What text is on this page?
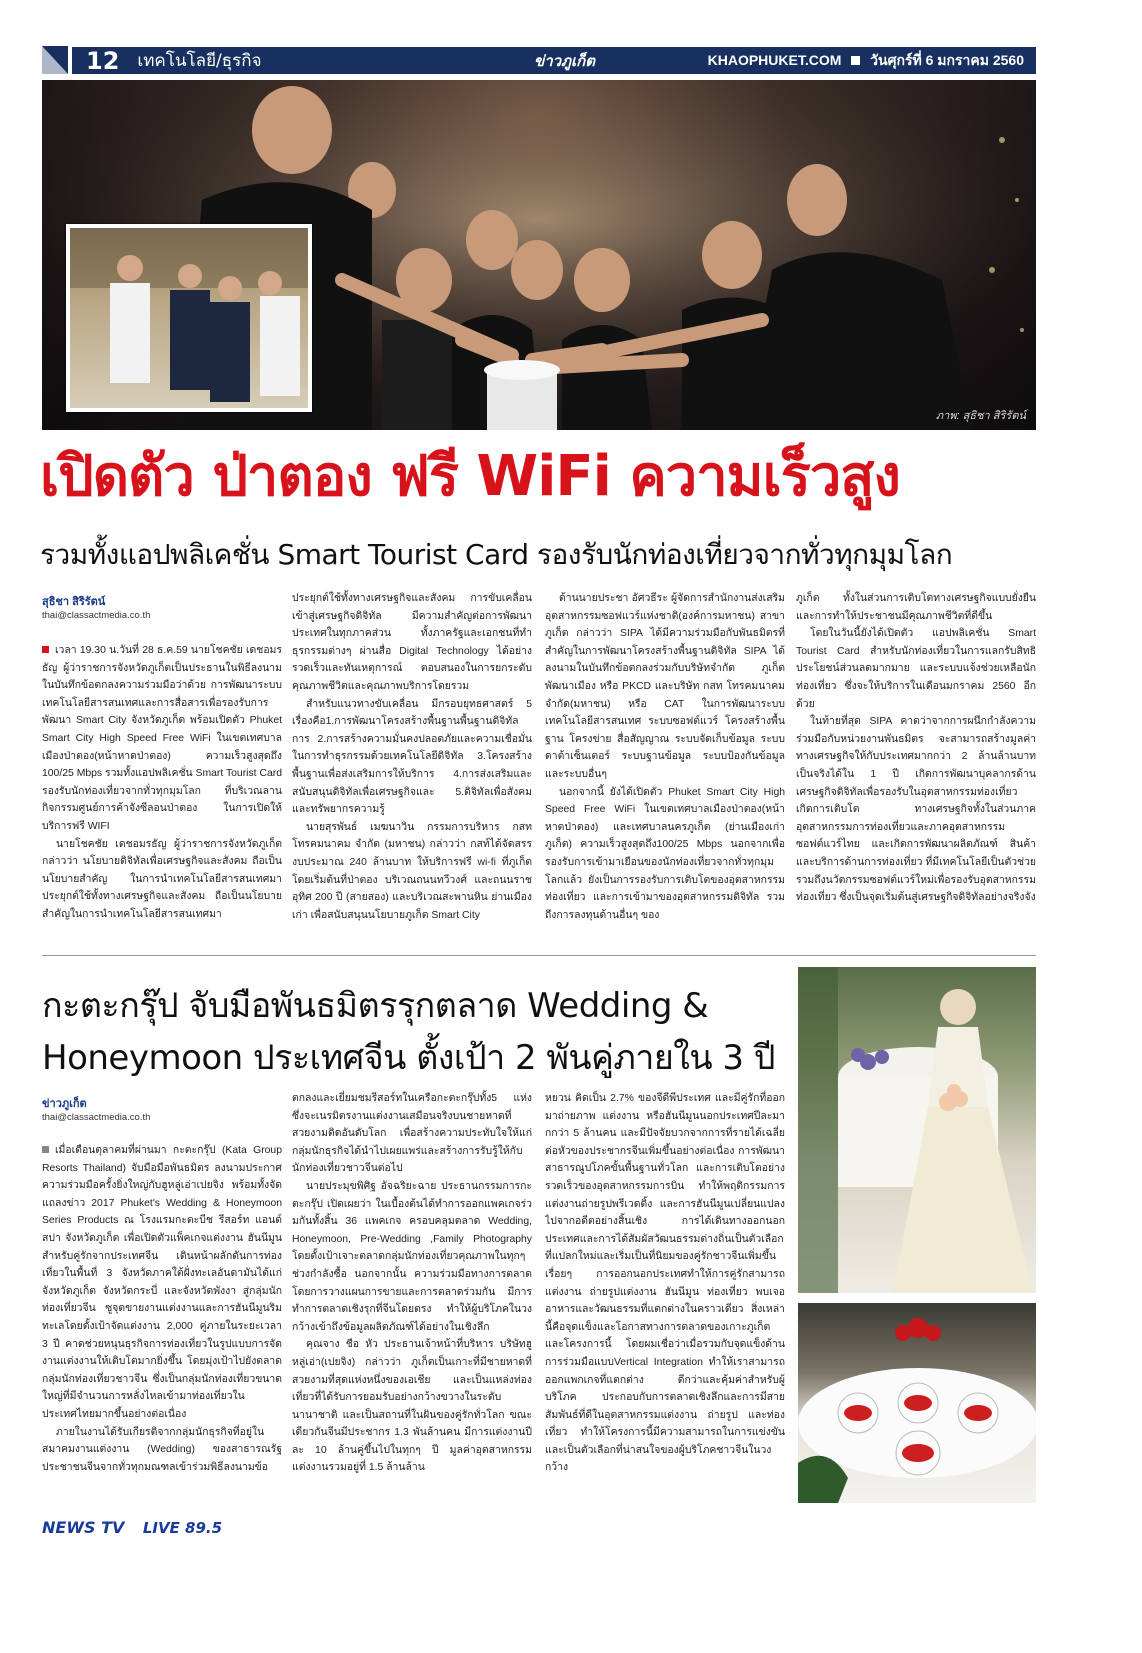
12 เทคโนโลยี/ธุรกิจ	ข่าวภูเก็ต	KHAOPHUKET.COM วันศุกร์ที่ 6 มกราคม 2560
ภาพ: สุธิชา สิริรัตน์
เปิดตัว ป่าตอง ฟรี WiFi ความเร็วสูง
รวมทั้งแอปพลิเคชั่น Smart Tourist Card รองรับนักท่องเที่ยวจากทั่วทุกมุมโลก
สุธิชา สิริรัตน์
thai@classactmedia.co.th

เวลา 19.30 น.วันที่ 28 ธ.ค.59 นายโชคชัย เดชอมรธัญ ผู้ว่าราชการจังหวัดภูเก็ตเป็นประธานในพิธีลงนามในบันทึกข้อตกลงความร่วมมือว่าด้วย การพัฒนาระบบเทคโนโลยีสารสนเทศและการสื่อสารเพื่อรองรับการพัฒนา Smart City จังหวัดภูเก็ต พร้อมเปิดตัว Phuket Smart City High Speed Free WiFi ในเขตเทศบาลเมืองป่าตอง(หน้าหาดป่าตอง) ความเร็วสูงสุดถึง 100/25 Mbps รวมทั้งแอปพลิเคชั่น Smart Tourist Card รองรับนักท่องเที่ยวจากทั่วทุกมุมโลก ที่บริเวณลานกิจกรรมศูนย์การค้าจังซีลอนป่าตอง ในการเปิดให้บริการฟรี WIFI

นายโชคชัย เดชอมรธัญ ผู้ว่าราชการจังหวัดภูเก็ต กล่าวว่า นโยบายดิจิทัลเพื่อเศรษฐกิจและสังคม ถือเป็นนโยบายสำคัญ ในการนำเทคโนโลยีสารสนเทศมาประยุกต์ใช้ทั้งทางเศรษฐกิจและสังคม ถือเป็นนโยบายสำคัญในการนำเทคโนโลยีสารสนเทศมา

ประยุกต์ใช้ทั้งทางเศรษฐกิจและสังคม การขับเคลื่อนเข้าสู่เศรษฐกิจดิจิทัล มีความสำคัญต่อการพัฒนาประเทศในทุกภาคส่วน ทั้งภาครัฐและเอกชนที่ทำธุรกรรมต่างๆ ผ่านสื่อ Digital Technology ได้อย่างรวดเร็วและทันเหตุการณ์ ตอบสนองในการยกระดับคุณภาพชีวิตและคุณภาพบริการโดยรวม

สำหรับแนวทางขับเคลื่อน มีกรอบยุทธศาสตร์ 5 เรื่องคือ1.การพัฒนาโครงสร้างพื้นฐานพื้นฐานดิจิทัล การ 2.การสร้างความมั่นคงปลอดภัยและความเชื่อมั่นในการทำธุรกรรมด้วยเทคโนโลยีดิจิทัล 3.โครงสร้างพื้นฐานเพื่อส่งเสริมการให้บริการ 4.การส่งเสริมและสนับสนุนดิจิทัลเพื่อเศรษฐกิจและ 5.ดิจิทัลเพื่อสังคมและทรัพยากรความรู้

นายสุรพันธ์ เมฆนาวิน กรรมการบริหาร กสท โทรคมนาคม จำกัด (มหาชน) กล่าวว่า กสท์ได้จัดสรรงบประมาณ 240 ล้านบาท ให้บริการฟรี wi-fi ที่ภูเก็ต โดยเริ่มต้นที่ป่าตอง บริเวณถนนทวีวงศ์ และถนนราชอุทิศ 200 ปี (สายสอง) และบริเวณสะพานหิน ย่านเมืองเก่า เพื่อสนับสนุนนโยบายภูเก็ต Smart City

ด้านนายประชา อัศวธีระ ผู้จัดการสำนักงานส่งเสริมอุตสาหกรรมซอฟแวร์แห่งชาติ(องค์การมหาชน) สาขาภูเก็ต กล่าวว่า SIPA ได้มีความร่วมมือกับพันธมิตรที่สำคัญในการพัฒนาโครงสร้างพื้นฐานดิจิทัล SIPA ได้ลงนามในบันทึกข้อตกลงร่วมกับบริษัทจำกัด ภูเก็ตพัฒนาเมือง หรือ PKCD และบริษัท กสท โทรคมนาคม จำกัด(มหาชน) หรือ CAT ในการพัฒนาระบบเทคโนโลยีสารสนเทศ ระบบซอฟต์แวร์ โครงสร้างพื้นฐาน โครงข่าย สื่อสัญญาณ ระบบจัดเก็บข้อมูล ระบบดาต้าเซ็นเตอร์ ระบบฐานข้อมูล ระบบป้องกันข้อมูล และระบบอื่นๆ

นอกจากนี้ ยังได้เปิดตัว Phuket Smart City High Speed Free WiFi ในเขตเทศบาลเมืองป่าตอง(หน้าหาดป่าตอง) และเทศบาลนครภูเก็ต (ย่านเมืองเก่าภูเก็ต) ความเร็วสูงสุดถึง100/25 Mbps นอกจากเพื่อรองรับการเข้ามาเยือนของนักท่องเที่ยวจากทั่วทุกมุมโลกแล้ว ยังเป็นการรองรับการเติบโตของอุตสาหกรรมท่องเที่ยว และการเข้ามาของอุตสาหกรรมดิจิทัล รวมถึงการลงทุนด้านอื่นๆ ของ

ภูเก็ต ทั้งในส่วนการเติบโตทางเศรษฐกิจแบบยั่งยืน และการทำให้ประชาชนมีคุณภาพชีวิตที่ดีขึ้น

โดยในวันนี้ยังได้เปิดตัว แอปพลิเคชั่น Smart Tourist Card สำหรับนักท่องเที่ยวในการแลกรับสิทธิประโยชน์ส่วนลดมากมาย และระบบแจ้งช่วยเหลือนักท่องเที่ยว ซึ่งจะให้บริการในเดือนมกราคม 2560 อีกด้วย

ในท้ายที่สุด SIPA คาดว่าจากการผนึกกำลังความร่วมมือกับหน่วยงานพันธมิตร จะสามารถสร้างมูลค่าทางเศรษฐกิจให้กับประเทศมากกว่า 2 ล้านล้านบาท เป็นจริงได้ใน 1 ปี เกิดการพัฒนาบุคลากรด้านเศรษฐกิจดิจิทัลเพื่อรองรับในอุตสาหกรรมท่องเที่ยว เกิดการเติบโต ทางเศรษฐกิจทั้งในส่วนภาคอุตสาหกรรมการท่องเที่ยวและภาคอุตสาหกรรมซอฟต์แวร์ไทย และเกิดการพัฒนาผลิตภัณฑ์ สินค้าและบริการด้านการท่องเที่ยว ที่มีเทคโนโลยีเป็นตัวช่วย รวมถึงนวัตกรรมซอฟต์แวร์ใหม่เพื่อรองรับอุตสาหกรรมท่องเที่ยว ซึ่งเป็นจุดเริ่มต้นสู่เศรษฐกิจดิจิทัลอย่างจริงจัง

กะตะกรุ๊ป จับมือพันธมิตรรุกตลาด Wedding &
Honeymoon ประเทศจีน ตั้งเป้า 2 พันคู่ภายใน 3 ปี
ข่าวภูเก็ต
thai@classactmedia.co.th

เมื่อเดือนตุลาคมที่ผ่านมา กะตะกรุ๊ป (Kata Group Resorts Thailand) จับมือมือพันธมิตร ลงนามประกาศความร่วมมือครั้งยิ่งใหญ่กับฮูหลู่เอ่าเปยจิง พร้อมทั้งจัดแถลงข่าว 2017 Phuket's Wedding & Honeymoon Series Products ณ โรงแรมกะตะบีช รีสอร์ท แอนด์ สปา จังหวัดภูเก็ต เพื่อเปิดตัวแพ็คเกจแต่งงาน ฮันนีมูนสำหรับคู่รักจากประเทศจีน เดินหน้าผลักดันการท่องเที่ยวในพื้นที่ 3 จังหวัดภาคใต้ฝั่งทะเลอันดามันได้แก่ จังหวัดภูเก็ต จังหวัดกระบี่ และจังหวัดพังงา สู่กลุ่มนักท่องเที่ยวจีน ซูจุดขายงานแต่งงานและการฮันนีมูนริมทะเลโดยตั้งเป้าจัดแต่งงาน 2,000 คู่ภายในระยะเวลา 3 ปี คาดช่วยหนุนธุรกิจการท่องเที่ยวในรูปแบบการจัดงานแต่งงานให้เติบโตมากยิ่งขึ้น โดยมุ่งเป้าไปยังตลาดกลุ่มนักท่องเที่ยวชาวจีน ซึ่งเป็นกลุ่มนักท่องเที่ยวขนาดใหญ่ที่มีจำนวนการหลั่งไหลเข้ามาท่องเที่ยวในประเทศไทยมากขึ้นอย่างต่อเนื่อง

ภายในงานได้รับเกียรติจากกลุ่มนักธุรกิจที่อยู่ในสมาคมงานแต่งงาน (Wedding) ของสาธารณรัฐประชาชนจีนจากทั่วทุกมณฑลเข้าร่วมพิธีลงนามข้อ

ตกลงและเยี่ยมชมรีสอร์ทในเครือกะตะกรุ๊ปทั้ง5 แห่ง ซึ่งจะเนรมิตรงานแต่งงานเสมือนจริงบนชายหาดที่สวยงามติดอันดับโลก เพื่อสร้างความประทับใจให้แก่กลุ่มนักธุรกิจได้นำไปเผยแพร่และสร้างการรับรู้ให้กับนักท่องเที่ยวชาวจีนต่อไป

นายประมุขพิศิฐ อัจฉริยะฉาย ประธานกรรมการกะตะกรุ๊ป เปิดเผยว่า ในเบื้องต้นได้ทำการออกแพคเกจร่วมกันทั้งสิ้น 36 แพคเกจ ครอบคลุมตลาด Wedding, Honeymoon, Pre-Wedding ,Family Photography โดยตั้งเป้าเจาะตลาดกลุ่มนักท่องเที่ยวคุณภาพในทุกๆ ช่วงกำลังซื้อ นอกจากนั้น ความร่วมมือทางการตลาดโดยการวางแผนการขายและการตลาดร่วมกัน มีการทำการตลาดเชิงรุกที่จีนโดยตรง ทำให้ผู้บริโภคในวงกว้างเข้าถึงข้อมูลผลิตภัณฑ์ได้อย่างในเชิงลึก

คุณจาง ชือ หัว ประธานเจ้าหน้าที่บริหาร บริษัทฮูหลู่เอ่า(เปยจิง) กล่าวว่า ภูเก็ตเป็นเกาะที่มีชายหาดที่สวยงามที่สุดแห่งหนึ่งของเอเชีย และเป็นแหล่งท่องเที่ยวที่ได้รับการยอมรับอย่างกว้างขวางในระดับนานาชาติ และเป็นสถานที่ในฝันของคู่รักทั่วโลก ขณะเดียวกันจีนมีประชากร 1.3 พันล้านคน มีการแต่งงานปีละ 10 ล้านคู่ขึ้นไปในทุกๆ ปี มูลค่าอุตสาหกรรมแต่งงานรวมอยู่ที่ 1.5 ล้านล้าน

หยวน คิดเป็น 2.7% ของจีดีพีประเทศ และมีคู่รักที่ออกมาถ่ายภาพ แต่งงาน หรือฮันนีมูนนอกประเทศปีละมากกว่า 5 ล้านคน และมีปัจจัยบวกจากการที่รายได้เฉลี่ยต่อหัวของประชากรจีนเพิ่มขึ้นอย่างต่อเนื่อง การพัฒนาสาธารณูปโภคขั้นพื้นฐานทั่วโลก และการเติบโตอย่างรวดเร็วของอุตสาหกรรมการบิน ทำให้พฤติกรรมการแต่งงานถ่ายรูปพรีเวดดิ้ง และการฮันนีมูนเปลี่ยนแปลงไปจากอดีตอย่างสิ้นเชิง การได้เดินทางออกนอกประเทศและการได้สัมผัสวัฒนธรรมต่างถิ่นเป็นตัวเลือกที่แปลกใหม่และเริ่มเป็นที่นิยมของคู่รักชาวจีนเพิ่มขึ้นเรื่อยๆ การออกนอกประเทศทำให้การคู่รักสามารถแต่งงาน ถ่ายรูปแต่งงาน ฮันนีมูน ท่องเที่ยว พบเจออาหารและวัฒนธรรมที่แตกต่างในคราวเดียว สิ่งเหล่านี้คือจุดแข็งและโอกาสทางการตลาดของเกาะภูเก็ตและโครงการนี้ โดยผมเชื่อว่าเมื่อรวมกับจุดแข็งด้านการร่วมมือแบบVertical Integration ทำให้เราสามารถออกแพกเกจที่แตกต่าง ดีกว่าและคุ้มค่าสำหรับผู้บริโภค ประกอบกับการตลาดเชิงลึกและการมีสายสัมพันธ์ที่ดีในอุตสาหกรรมแต่งงาน ถ่ายรูป และท่องเที่ยว ทำให้โครงการนี้มีความสามารถในการแข่งขันและเป็นตัวเลือกที่น่าสนใจของผู้บริโภคชาวจีนในวงกว้าง

NEWS TV LIVE 89.5
